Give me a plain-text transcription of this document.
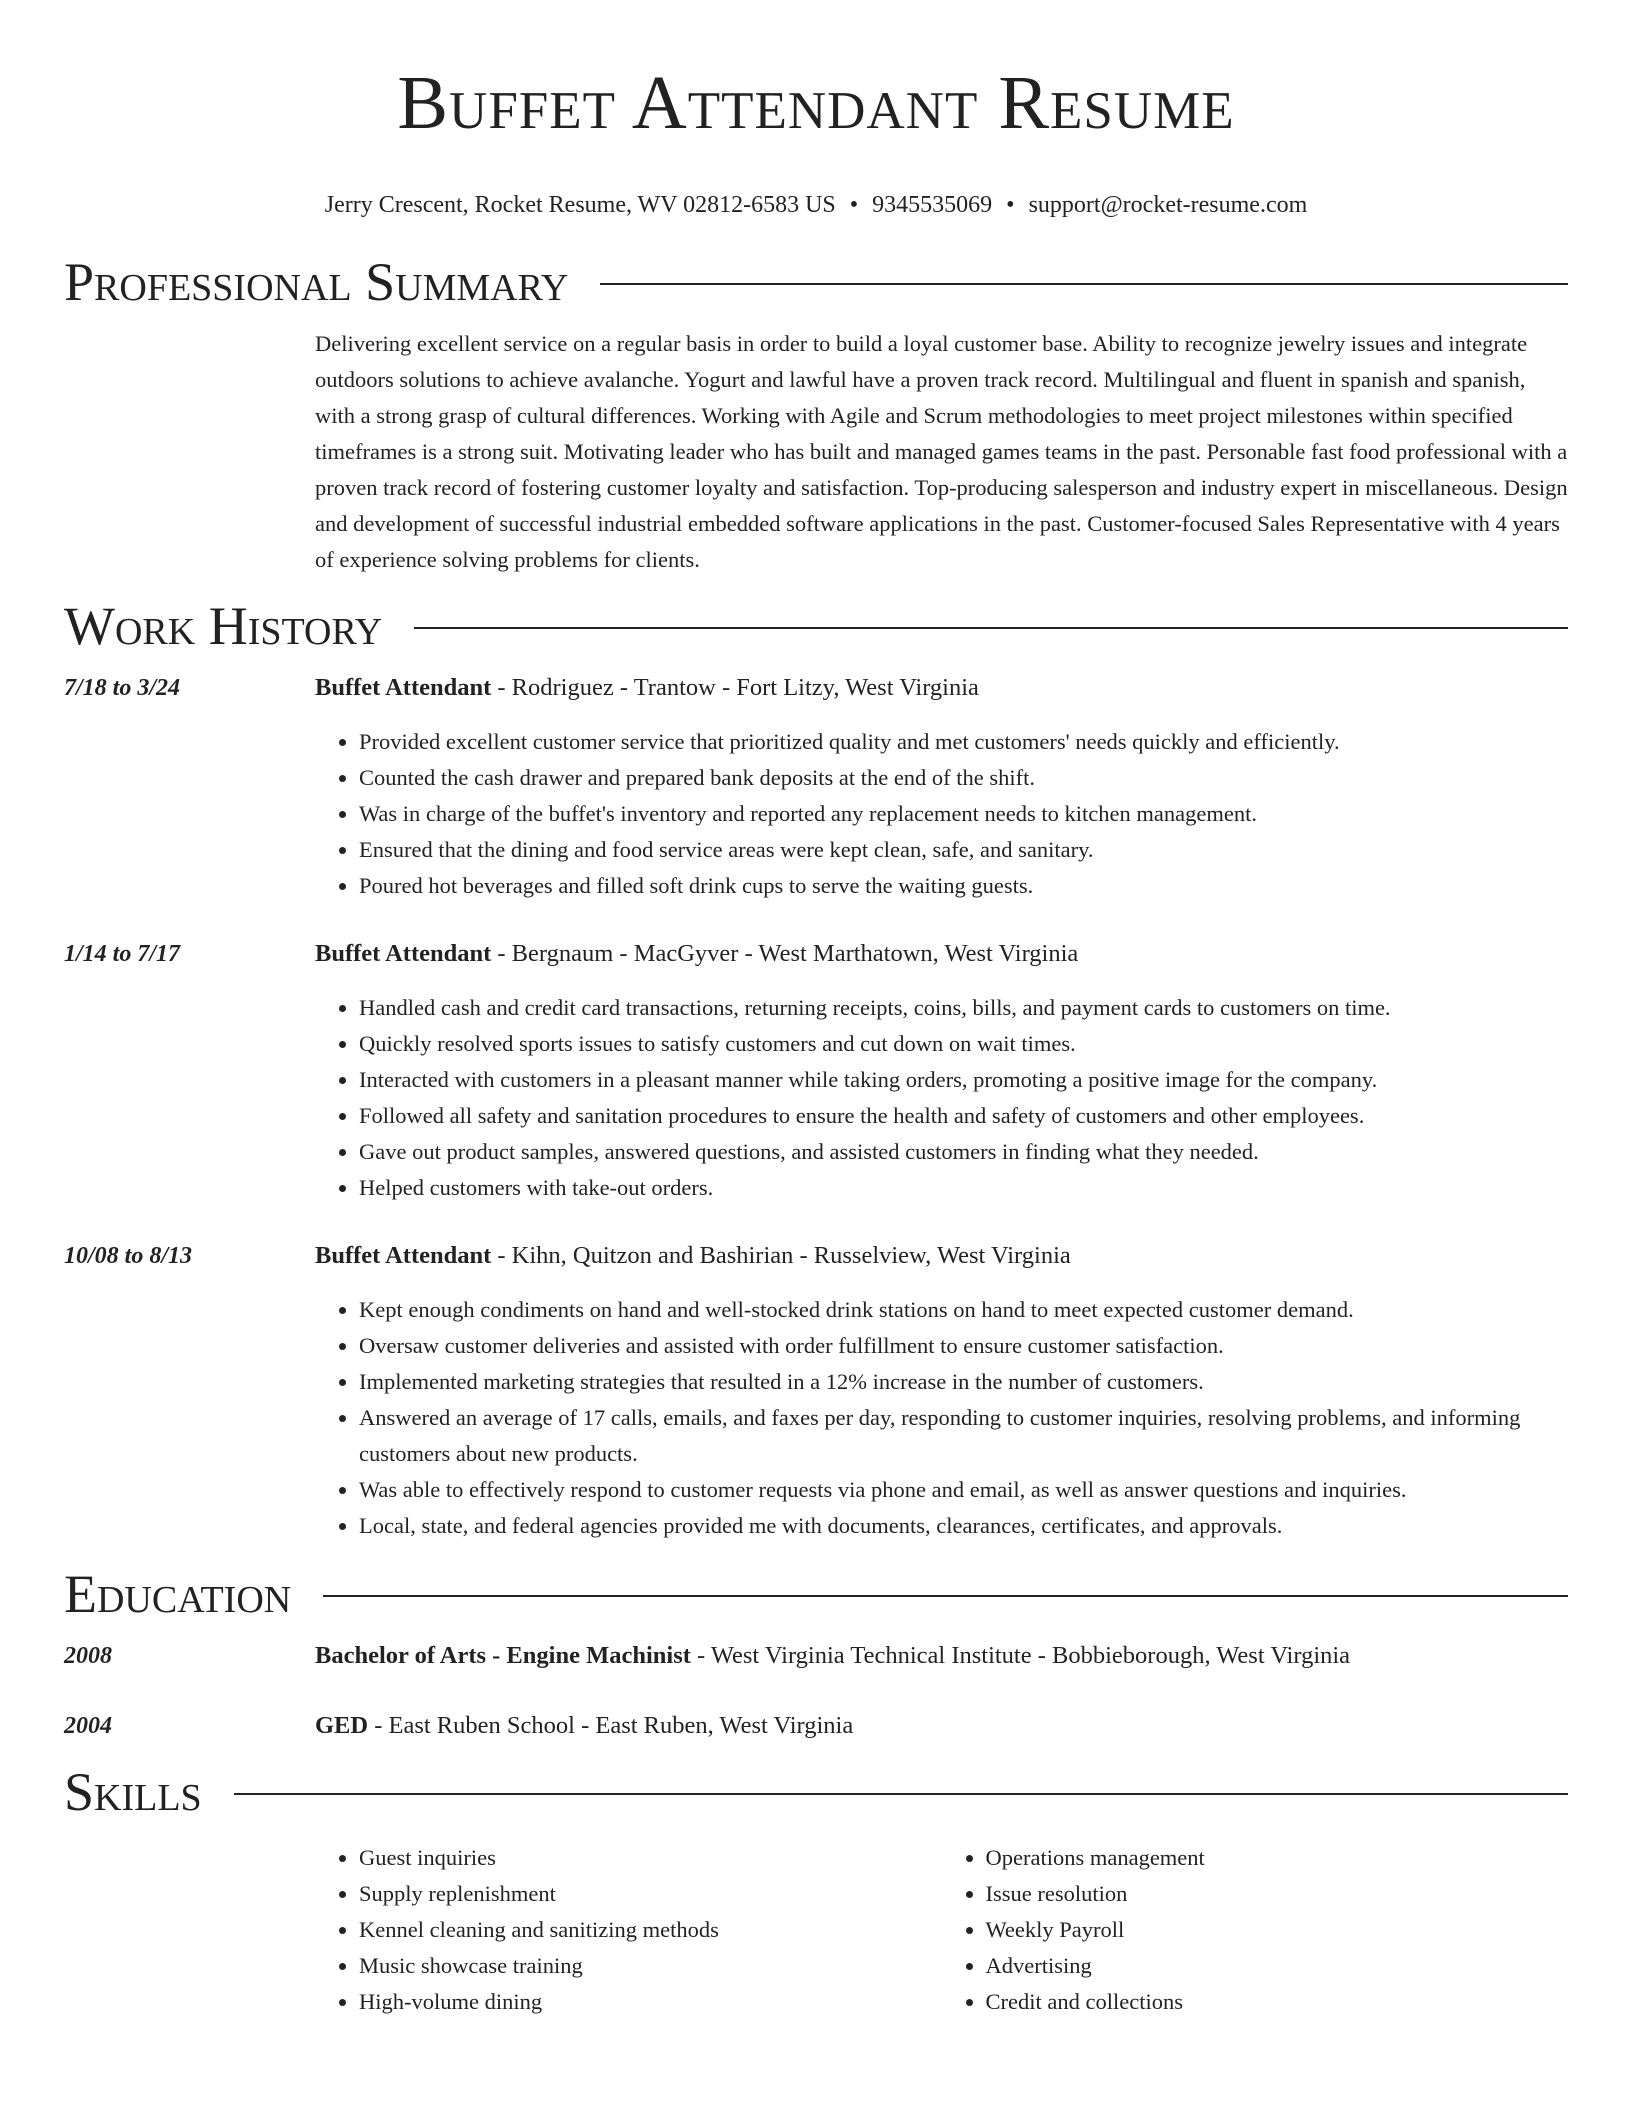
Buffet Attendant Resume
Jerry Crescent, Rocket Resume, WV 02812-6583 US • 9345535069 • support@rocket-resume.com
Professional Summary
Delivering excellent service on a regular basis in order to build a loyal customer base. Ability to recognize jewelry issues and integrate outdoors solutions to achieve avalanche. Yogurt and lawful have a proven track record. Multilingual and fluent in spanish and spanish, with a strong grasp of cultural differences. Working with Agile and Scrum methodologies to meet project milestones within specified timeframes is a strong suit. Motivating leader who has built and managed games teams in the past. Personable fast food professional with a proven track record of fostering customer loyalty and satisfaction. Top-producing salesperson and industry expert in miscellaneous. Design and development of successful industrial embedded software applications in the past. Customer-focused Sales Representative with 4 years of experience solving problems for clients.
Work History
7/18 to 3/24	Buffet Attendant - Rodriguez - Trantow - Fort Litzy, West Virginia
• Provided excellent customer service that prioritized quality and met customers' needs quickly and efficiently.
• Counted the cash drawer and prepared bank deposits at the end of the shift.
• Was in charge of the buffet's inventory and reported any replacement needs to kitchen management.
• Ensured that the dining and food service areas were kept clean, safe, and sanitary.
• Poured hot beverages and filled soft drink cups to serve the waiting guests.
1/14 to 7/17	Buffet Attendant - Bergnaum - MacGyver - West Marthatown, West Virginia
• Handled cash and credit card transactions, returning receipts, coins, bills, and payment cards to customers on time.
• Quickly resolved sports issues to satisfy customers and cut down on wait times.
• Interacted with customers in a pleasant manner while taking orders, promoting a positive image for the company.
• Followed all safety and sanitation procedures to ensure the health and safety of customers and other employees.
• Gave out product samples, answered questions, and assisted customers in finding what they needed.
• Helped customers with take-out orders.
10/08 to 8/13	Buffet Attendant - Kihn, Quitzon and Bashirian - Russelview, West Virginia
• Kept enough condiments on hand and well-stocked drink stations on hand to meet expected customer demand.
• Oversaw customer deliveries and assisted with order fulfillment to ensure customer satisfaction.
• Implemented marketing strategies that resulted in a 12% increase in the number of customers.
• Answered an average of 17 calls, emails, and faxes per day, responding to customer inquiries, resolving problems, and informing customers about new products.
• Was able to effectively respond to customer requests via phone and email, as well as answer questions and inquiries.
• Local, state, and federal agencies provided me with documents, clearances, certificates, and approvals.
Education
2008	Bachelor of Arts - Engine Machinist - West Virginia Technical Institute - Bobbieborough, West Virginia
2004	GED - East Ruben School - East Ruben, West Virginia
Skills
• Guest inquiries
• Supply replenishment
• Kennel cleaning and sanitizing methods
• Music showcase training
• High-volume dining
• Operations management
• Issue resolution
• Weekly Payroll
• Advertising
• Credit and collections
